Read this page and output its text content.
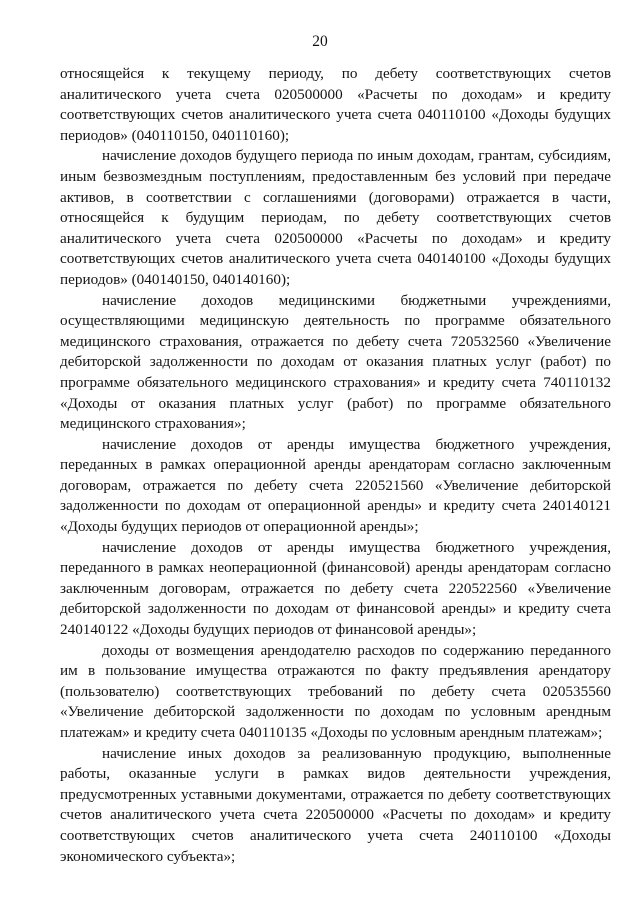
20

относящейся к текущему периоду, по дебету соответствующих счетов аналитического учета счета 020500000 «Расчеты по доходам» и кредиту соответствующих счетов аналитического учета счета 040110100 «Доходы будущих периодов» (040110150, 040110160);

начисление доходов будущего периода по иным доходам, грантам, субсидиям, иным безвозмездным поступлениям, предоставленным без условий при передаче активов, в соответствии с соглашениями (договорами) отражается в части, относящейся к будущим периодам, по дебету соответствующих счетов аналитического учета счета 020500000 «Расчеты по доходам» и кредиту соответствующих счетов аналитического учета счета 040140100 «Доходы будущих периодов» (040140150, 040140160);

начисление доходов медицинскими бюджетными учреждениями, осуществляющими медицинскую деятельность по программе обязательного медицинского страхования, отражается по дебету счета 720532560 «Увеличение дебиторской задолженности по доходам от оказания платных услуг (работ) по программе обязательного медицинского страхования» и кредиту счета 740110132 «Доходы от оказания платных услуг (работ) по программе обязательного медицинского страхования»;

начисление доходов от аренды имущества бюджетного учреждения, переданных в рамках операционной аренды арендаторам согласно заключенным договорам, отражается по дебету счета 220521560 «Увеличение дебиторской задолженности по доходам от операционной аренды» и кредиту счета 240140121 «Доходы будущих периодов от операционной аренды»;

начисление доходов от аренды имущества бюджетного учреждения, переданного в рамках неоперационной (финансовой) аренды арендаторам согласно заключенным договорам, отражается по дебету счета 220522560 «Увеличение дебиторской задолженности по доходам от финансовой аренды» и кредиту счета 240140122 «Доходы будущих периодов от финансовой аренды»;

доходы от возмещения арендодателю расходов по содержанию переданного им в пользование имущества отражаются по факту предъявления арендатору (пользователю) соответствующих требований по дебету счета 020535560 «Увеличение дебиторской задолженности по доходам по условным арендным платежам» и кредиту счета 040110135 «Доходы по условным арендным платежам»;

начисление иных доходов за реализованную продукцию, выполненные работы, оказанные услуги в рамках видов деятельности учреждения, предусмотренных уставными документами, отражается по дебету соответствующих счетов аналитического учета счета 220500000 «Расчеты по доходам» и кредиту соответствующих счетов аналитического учета счета 240110100 «Доходы экономического субъекта»;
